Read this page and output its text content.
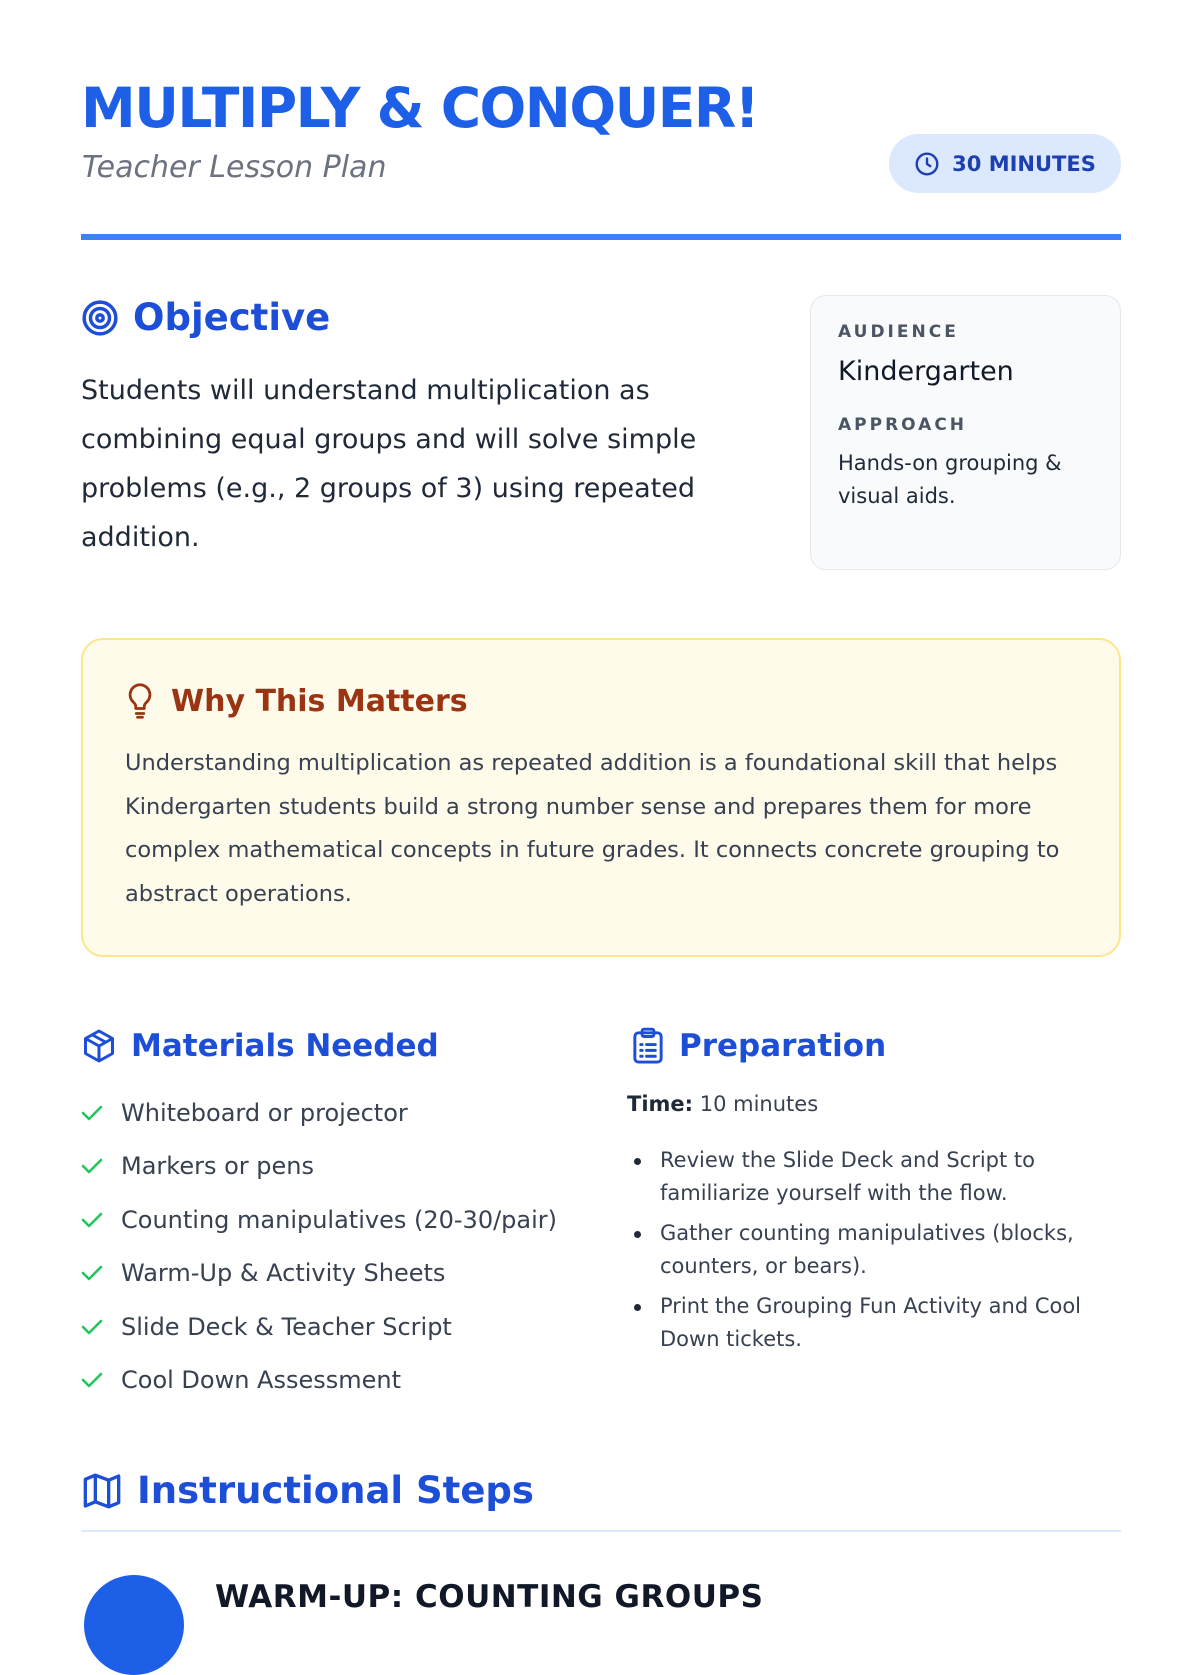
MULTIPLY & CONQUER!
Teacher Lesson Plan	30 MINUTES
Objective

Students will understand multiplication as combining equal groups and will solve simple problems (e.g., 2 groups of 3) using repeated addition.

AUDIENCE
Kindergarten
APPROACH
Hands-on grouping & visual aids.
Why This Matters

Understanding multiplication as repeated addition is a foundational skill that helps Kindergarten students build a strong number sense and prepares them for more complex mathematical concepts in future grades. It connects concrete grouping to abstract operations.

Materials Needed
Whiteboard or projector
Markers or pens
Counting manipulatives (20-30/pair)
Warm-Up & Activity Sheets
Slide Deck & Teacher Script
Cool Down Assessment
Preparation
Time: 10 minutes
Review the Slide Deck and Script to familiarize yourself with the flow.
Gather counting manipulatives (blocks, counters, or bears).
Print the Grouping Fun Activity and Cool Down tickets.
Instructional Steps
WARM-UP: COUNTING GROUPS
